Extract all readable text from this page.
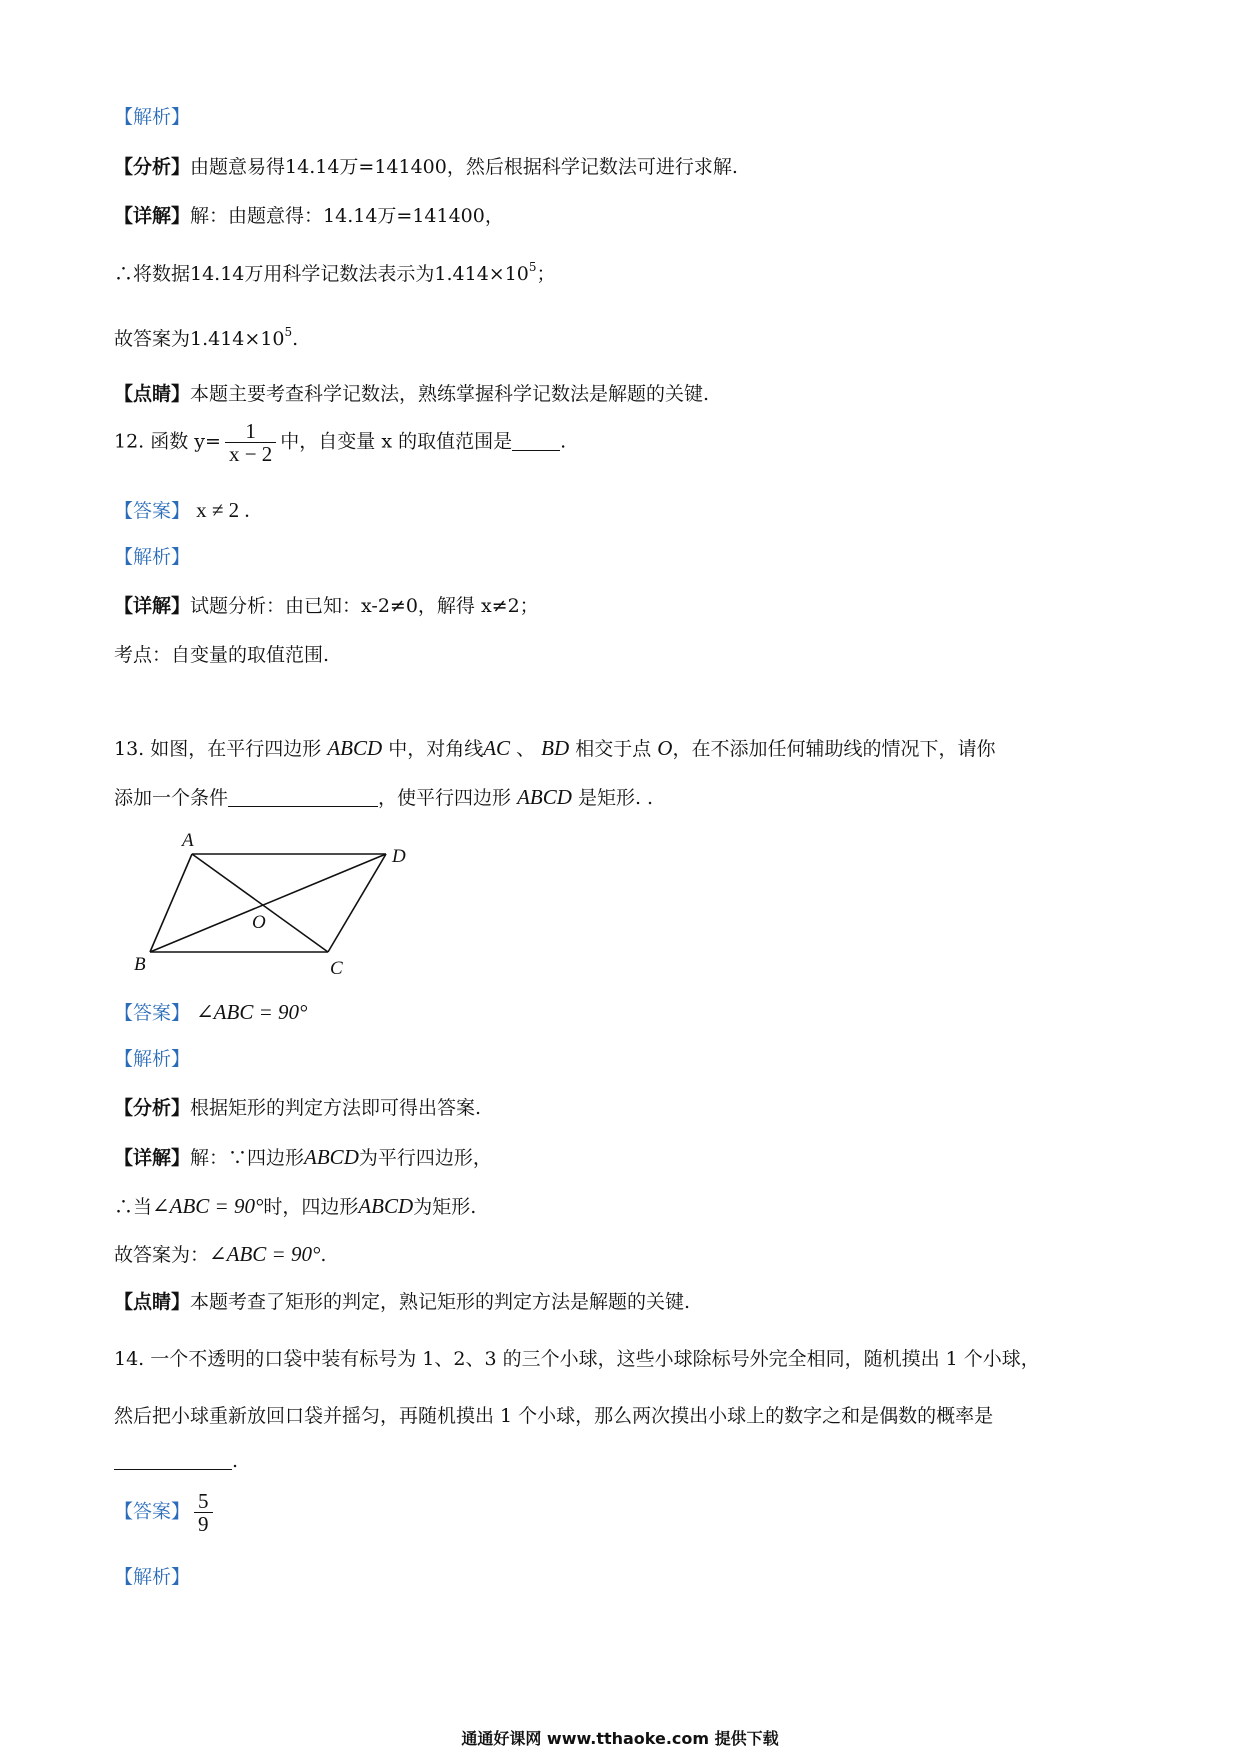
【解析】
【分析】由题意易得14.14万=141400，然后根据科学记数法可进行求解.
【详解】解：由题意得：14.14万=141400，
∴将数据14.14万用科学记数法表示为$1.414\times 10^5$；
故答案为$1.414\times 10^5$.
【点睛】本题主要考查科学记数法，熟练掌握科学记数法是解题的关键.
12. 函数 $y= \frac{1}{x - 2}$ 中，自变量 x 的取值范围是	.
【答案】 x ≠ 2 .
【解析】
【详解】试题分析：由已知：x-2≠0，解得 x≠2；
考点：自变量的取值范围.
13. 如图，在平行四边形 ABCD 中，对角线AC 、 BD 相交于点 O，在不添加任何辅助线的情况下，请你
添加一个条件	，使平行四边形 ABCD 是矩形. .
A
D
B	C
O
【答案】 ∠ABC = 90°
【解析】
【分析】根据矩形的判定方法即可得出答案.
【详解】解：∵四边形ABCD为平行四边形，
∴当∠ABC = 90°时，四边形ABCD为矩形.
故答案为：∠ABC = 90°.
【点睛】本题考查了矩形的判定，熟记矩形的判定方法是解题的关键.
14. 一个不透明的口袋中装有标号为 1、2、3 的三个小球，这些小球除标号外完全相同，随机摸出 1 个小球，
然后把小球重新放回口袋并摇匀，再随机摸出 1 个小球，那么两次摸出小球上的数字之和是偶数的概率是
.
【答案】 $\frac{5}{9}$
【解析】
通通好课网 www.tthaoke.com 提供下载
